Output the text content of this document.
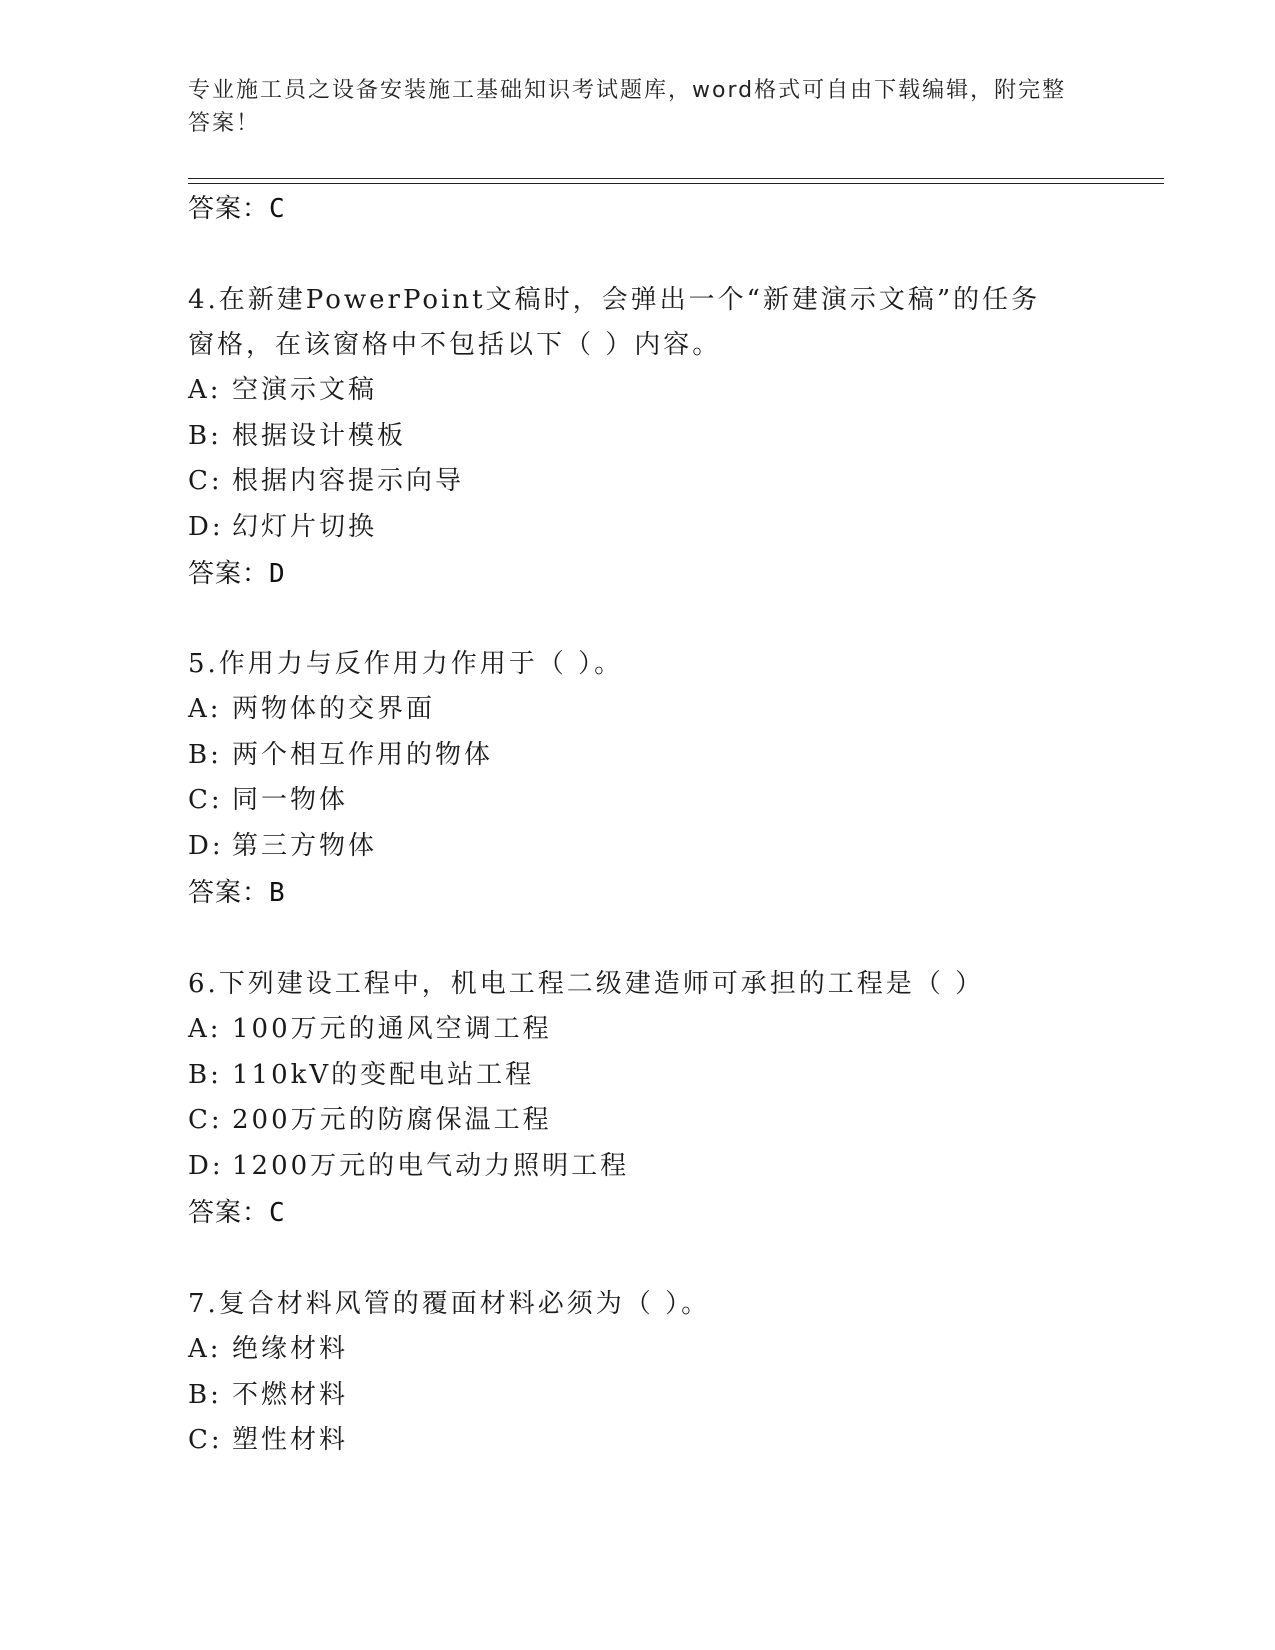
专业施工员之设备安装施工基础知识考试题库，word格式可自由下载编辑，附完整答案！
答案：C
4.在新建PowerPoint文稿时，会弹出一个“新建演示文稿”的任务窗格，在该窗格中不包括以下（ ）内容。
A: 空演示文稿
B: 根据设计模板
C: 根据内容提示向导
D: 幻灯片切换
答案：D
5.作用力与反作用力作用于（ ）。
A: 两物体的交界面
B: 两个相互作用的物体
C: 同一物体
D: 第三方物体
答案：B
6.下列建设工程中，机电工程二级建造师可承担的工程是（ ）
A: 100万元的通风空调工程
B: 110kV的变配电站工程
C: 200万元的防腐保温工程
D: 1200万元的电气动力照明工程
答案：C
7.复合材料风管的覆面材料必须为（ ）。
A: 绝缘材料
B: 不燃材料
C: 塑性材料
